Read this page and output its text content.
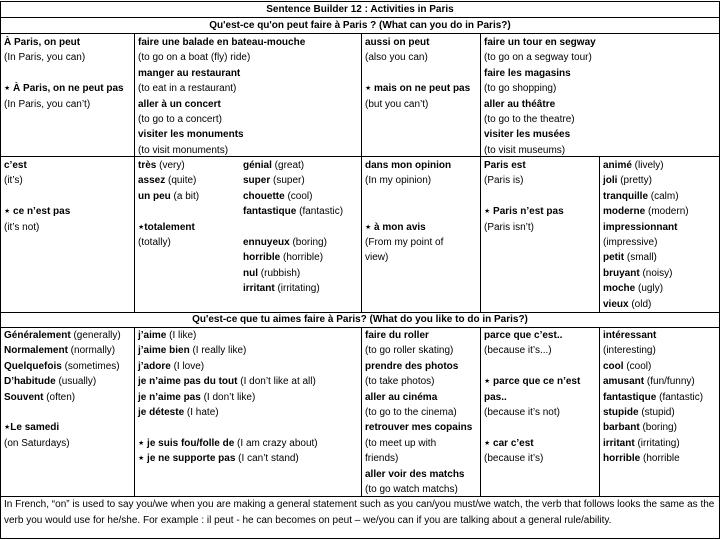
Sentence Builder 12 : Activities in Paris
Qu'est-ce qu'on peut faire à Paris ? (What can you do in Paris?)
Qu'est-ce que tu aimes faire à Paris? (What do you like to do in Paris?)
À Paris, on peut
(In Paris, you can)

⋆ À Paris, on ne peut pas
(In Paris, you can’t)
faire une balade en bateau-mouche
(to go on a boat (fly) ride)
manger au restaurant
(to eat in a restaurant)
aller à un concert
(to go to a concert)
visiter les monuments
(to visit monuments)
aussi on peut
(also you can)

⋆ mais on ne peut pas
(but you can’t)
faire un tour en segway
(to go on a segway tour)
faire les magasins
(to go shopping)
aller au théâtre
(to go to the theatre)
visiter les musées
(to visit museums)
c’est
(it’s)

⋆ ce n’est pas
(it’s not)
très (very)
assez (quite)
un peu (a bit)

⋆totalement
(totally)
génial (great)
super (super)
chouette (cool)
fantastique (fantastic)

ennuyeux (boring)
horrible (horrible)
nul (rubbish)
irritant (irritating)
dans mon opinion
(In my opinion)

⋆ à mon avis
(From my point of
view)
Paris est
(Paris is)

⋆ Paris n’est pas
(Paris isn’t)
animé (lively)
joli (pretty)
tranquille (calm)
moderne (modern)
impressionnant
(impressive)
petit (small)
bruyant (noisy)
moche (ugly)
vieux (old)
Généralement (generally)
Normalement (normally)
Quelquefois (sometimes)
D’habitude (usually)
Souvent (often)

⋆Le samedi
(on Saturdays)
j’aime (I like)
j’aime bien (I really like)
j’adore (I love)
je n’aime pas du tout (I don’t like at all)
je n’aime pas (I don’t like)
je déteste (I hate)

⋆ je suis fou/folle de (I am crazy about)
⋆ je ne supporte pas (I can’t stand)
faire du roller
(to go roller skating)
prendre des photos
(to take photos)
aller au cinéma
(to go to the cinema)
retrouver mes copains
(to meet up with
friends)
aller voir des matchs
(to go watch matchs)
parce que c’est..
(because it’s...)

⋆ parce que ce n’est
pas..
(because it’s not)

⋆ car c’est
(because it’s)
intéressant
(interesting)
cool (cool)
amusant (fun/funny)
fantastique (fantastic)
stupide (stupid)
barbant (boring)
irritant (irritating)
horrible (horrible
In French, “on” is used to say you/we when you are making a general statement such as you can/you must/we watch, the verb that follows looks the same as the verb you would use for he/she. For example : il peut - he can becomes on peut – we/you can if you are talking about a general rule/ability.
